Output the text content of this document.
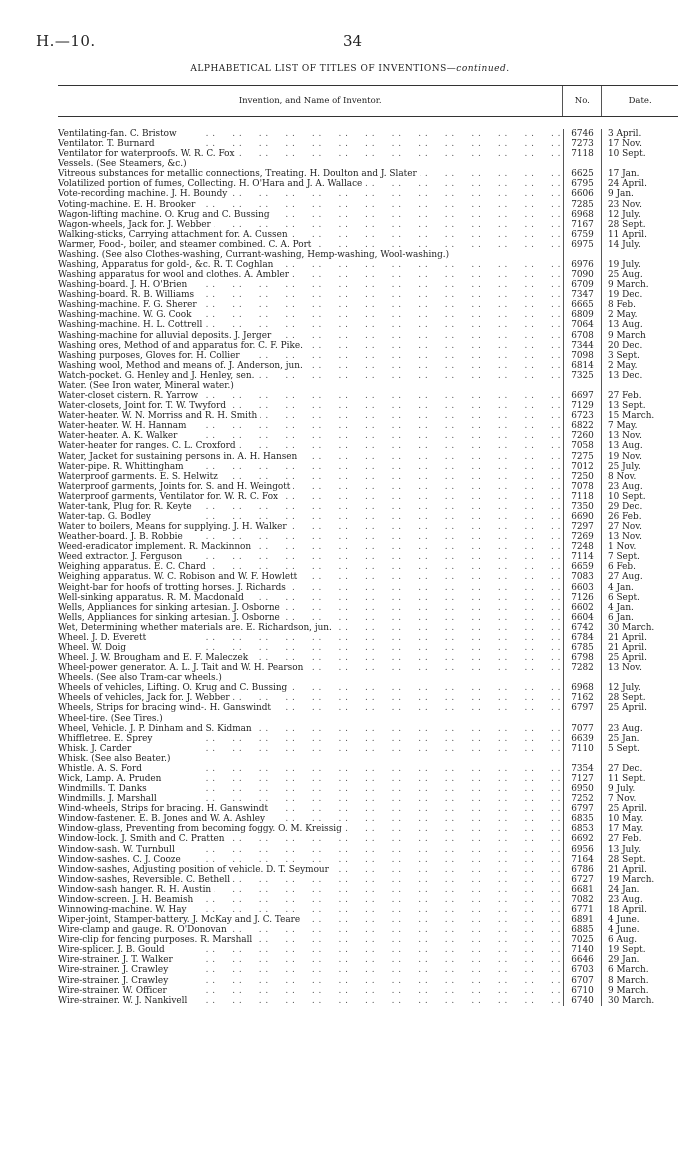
H.—10.	34
ALPHABETICAL LIST OF TITLES OF INVENTIONS—continued.
Invention, and Name of Inventor.	No.	Date.
Ventilating-fan. C. Bristow . .	6746	3 April.
Ventilator. T. Burnard . .	7273	17 Nov.
Ventilator for waterproofs. W. R. C. Fox . .	7118	10 Sept.
Vessels. (See Steamers, &c.)
Vitreous substances for metallic connections, Treating. H. Doulton and J. Slater . .	6625	17 Jan.
Volatilized portion of fumes, Collecting. H. O'Hara and J. A. Wallace . .	6795	24 April.
Vote-recording machine. J. H. Boundy . .	6606	9 Jan.
Voting-machine. E. H. Brooker . .	7285	23 Nov.
Wagon-lifting machine. O. Krug and C. Bussing . .	6968	12 July.
Wagon-wheels, Jack for. J. Webber . .	7167	28 Sept.
Walking-sticks, Carrying attachment for. A. Cussen . .	6759	11 April.
Warmer, Food-, boiler, and steamer combined. C. A. Port . .	6975	14 July.
Washing. (See also Clothes-washing, Currant-washing, Hemp-washing, Wool-washing.)
Washing, Apparatus for gold-, &c. R. T. Coghlan . .	6976	19 July.
Washing apparatus for wool and clothes. A. Ambler . .	7090	25 Aug.
Washing-board. J. H. O'Brien . .	6709	9 March.
Washing-board. R. B. Williams . .	7347	19 Dec.
Washing-machine. F. G. Sherer . .	6665	8 Feb.
Washing-machine. W. G. Cook . .	6809	2 May.
Washing-machine. H. L. Cottrell . .	7064	13 Aug.
Washing-machine for alluvial deposits. J. Jerger . .	6708	9 March
Washing ores, Method of and apparatus for. C. F. Pike. . .	7344	20 Dec.
Washing purposes, Gloves for. H. Collier . .	7098	3 Sept.
Washing wool, Method and means of. J. Anderson, jun. . .	6814	2 May.
Watch-pocket. G. Henley and J. Henley, sen. . .	7325	13 Dec.
Water. (See Iron water, Mineral water.)
Water-closet cistern. R. Yarrow . .	6697	27 Feb.
Water-closets, Joint for. T. W. Twyford . .	7129	13 Sept.
Water-heater. W. N. Morriss and R. H. Smith . .	6723	15 March.
Water-heater. W. H. Hannam . .	6822	7 May.
Water-heater. A. K. Walker . .	7260	13 Nov.
Water-heater for ranges. C. L. Croxford . .	7058	13 Aug.
Water, Jacket for sustaining persons in. A. H. Hansen . .	7275	19 Nov.
Water-pipe. R. Whittingham . .	7012	25 July.
Waterproof garments. E. S. Helwitz . .	7250	8 Nov.
Waterproof garments, Joints for. S. and H. Weingott . .	7078	23 Aug.
Waterproof garments, Ventilator for. W. R. C. Fox . .	7118	10 Sept.
Water-tank, Plug for. R. Keyte . .	7350	29 Dec.
Water-tap. G. Bodley . .	6690	26 Feb.
Water to boilers, Means for supplying. J. H. Walker . .	7297	27 Nov.
Weather-board. J. B. Robbie . .	7269	13 Nov.
Weed-eradicator implement. R. Mackinnon . .	7248	1 Nov.
Weed extractor. J. Ferguson . .	7114	7 Sept.
Weighing apparatus. E. C. Chard . .	6659	6 Feb.
Weighing apparatus. W. C. Robison and W. F. Howlett . .	7083	27 Aug.
Weight-bar for hoofs of trotting horses. J. Richards . .	6603	4 Jan.
Well-sinking apparatus. R. M. Macdonald . .	7126	6 Sept.
Wells, Appliances for sinking artesian. J. Osborne . .	6602	4 Jan.
Wells, Appliances for sinking artesian. J. Osborne . .	6604	6 Jan.
Wet, Determining whether materials are. E. Richardson, jun. . .	6742	30 March.
Wheel. J. D. Everett . .	6784	21 April.
Wheel. W. Doig . .	6785	21 April.
Wheel. J. W. Brougham and E. F. Maleczek . .	6798	25 April.
Wheel-power generator. A. L. J. Tait and W. H. Pearson . .	7282	13 Nov.
Wheels. (See also Tram-car wheels.)
Wheels of vehicles, Lifting. O. Krug and C. Bussing . .	6968	12 July.
Wheels of vehicles, Jack for. J. Webber . .	7162	28 Sept.
Wheels, Strips for bracing wind-. H. Ganswindt . .	6797	25 April.
Wheel-tire. (See Tires.)
Wheel, Vehicle. J. P. Dinham and S. Kidman . .	7077	23 Aug.
Whiffletree. E. Sprey . .	6639	25 Jan.
Whisk. J. Carder . .	7110	5 Sept.
Whisk. (See also Beater.)
Whistle. A. S. Ford . .	7354	27 Dec.
Wick, Lamp. A. Pruden . .	7127	11 Sept.
Windmills. T. Danks . .	6950	9 July.
Windmills. J. Marshall . .	7252	7 Nov.
Wind-wheels, Strips for bracing. H. Ganswindt . .	6797	25 April.
Window-fastener. E. B. Jones and W. A. Ashley . .	6835	10 May.
Window-glass, Preventing from becoming foggy. O. M. Kreissig . .	6853	17 May.
Window-lock. J. Smith and C. Pratten . .	6692	27 Feb.
Window-sash. W. Turnbull . .	6956	13 July.
Window-sashes. C. J. Cooze . .	7164	28 Sept.
Window-sashes, Adjusting position of vehicle. D. T. Seymour . .	6786	21 April.
Window-sashes, Reversible. C. Bethell . .	6727	19 March.
Window-sash hanger. R. H. Austin . .	6681	24 Jan.
Window-screen. J. H. Beamish . .	7082	23 Aug.
Winnowing-machine. W. Hay . .	6771	18 April.
Wiper-joint, Stamper-battery. J. McKay and J. C. Teare . .	6891	4 June.
Wire-clamp and gauge. R. O'Donovan . .	6885	4 June.
Wire-clip for fencing purposes. R. Marshall . .	7025	6 Aug.
Wire-splicer. J. B. Gould . .	7140	19 Sept.
Wire-strainer. J. T. Walker . .	6646	29 Jan.
Wire-strainer. J. Crawley . .	6703	6 March.
Wire-strainer. J. Crawley . .	6707	8 March.
Wire-strainer. W. Officer . .	6710	9 March.
Wire-strainer. W. J. Nankivell . .	6740	30 March.
